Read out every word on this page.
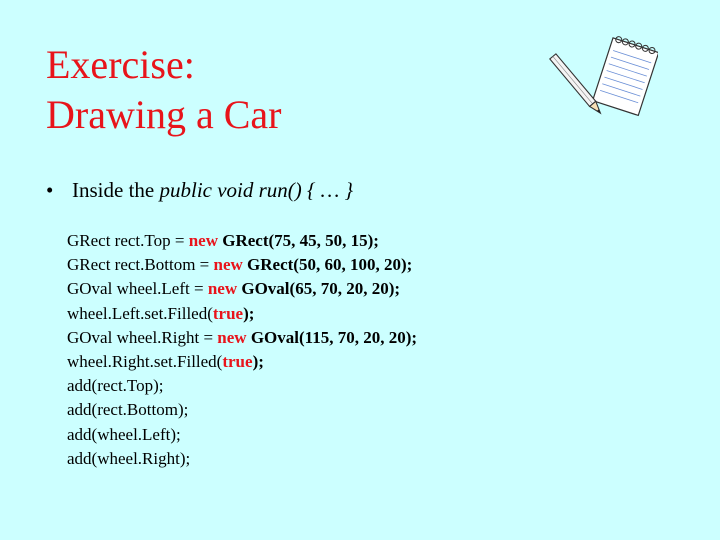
Exercise:
Drawing a Car
• Inside the public void run() { … }
GRect rect.Top = new GRect(75, 45, 50, 15);
GRect rect.Bottom = new GRect(50, 60, 100, 20);
GOval wheel.Left = new GOval(65, 70, 20, 20);
wheel.Left.set.Filled(true);
GOval wheel.Right = new GOval(115, 70, 20, 20);
wheel.Right.set.Filled(true);
add(rect.Top);
add(rect.Bottom);
add(wheel.Left);
add(wheel.Right);
